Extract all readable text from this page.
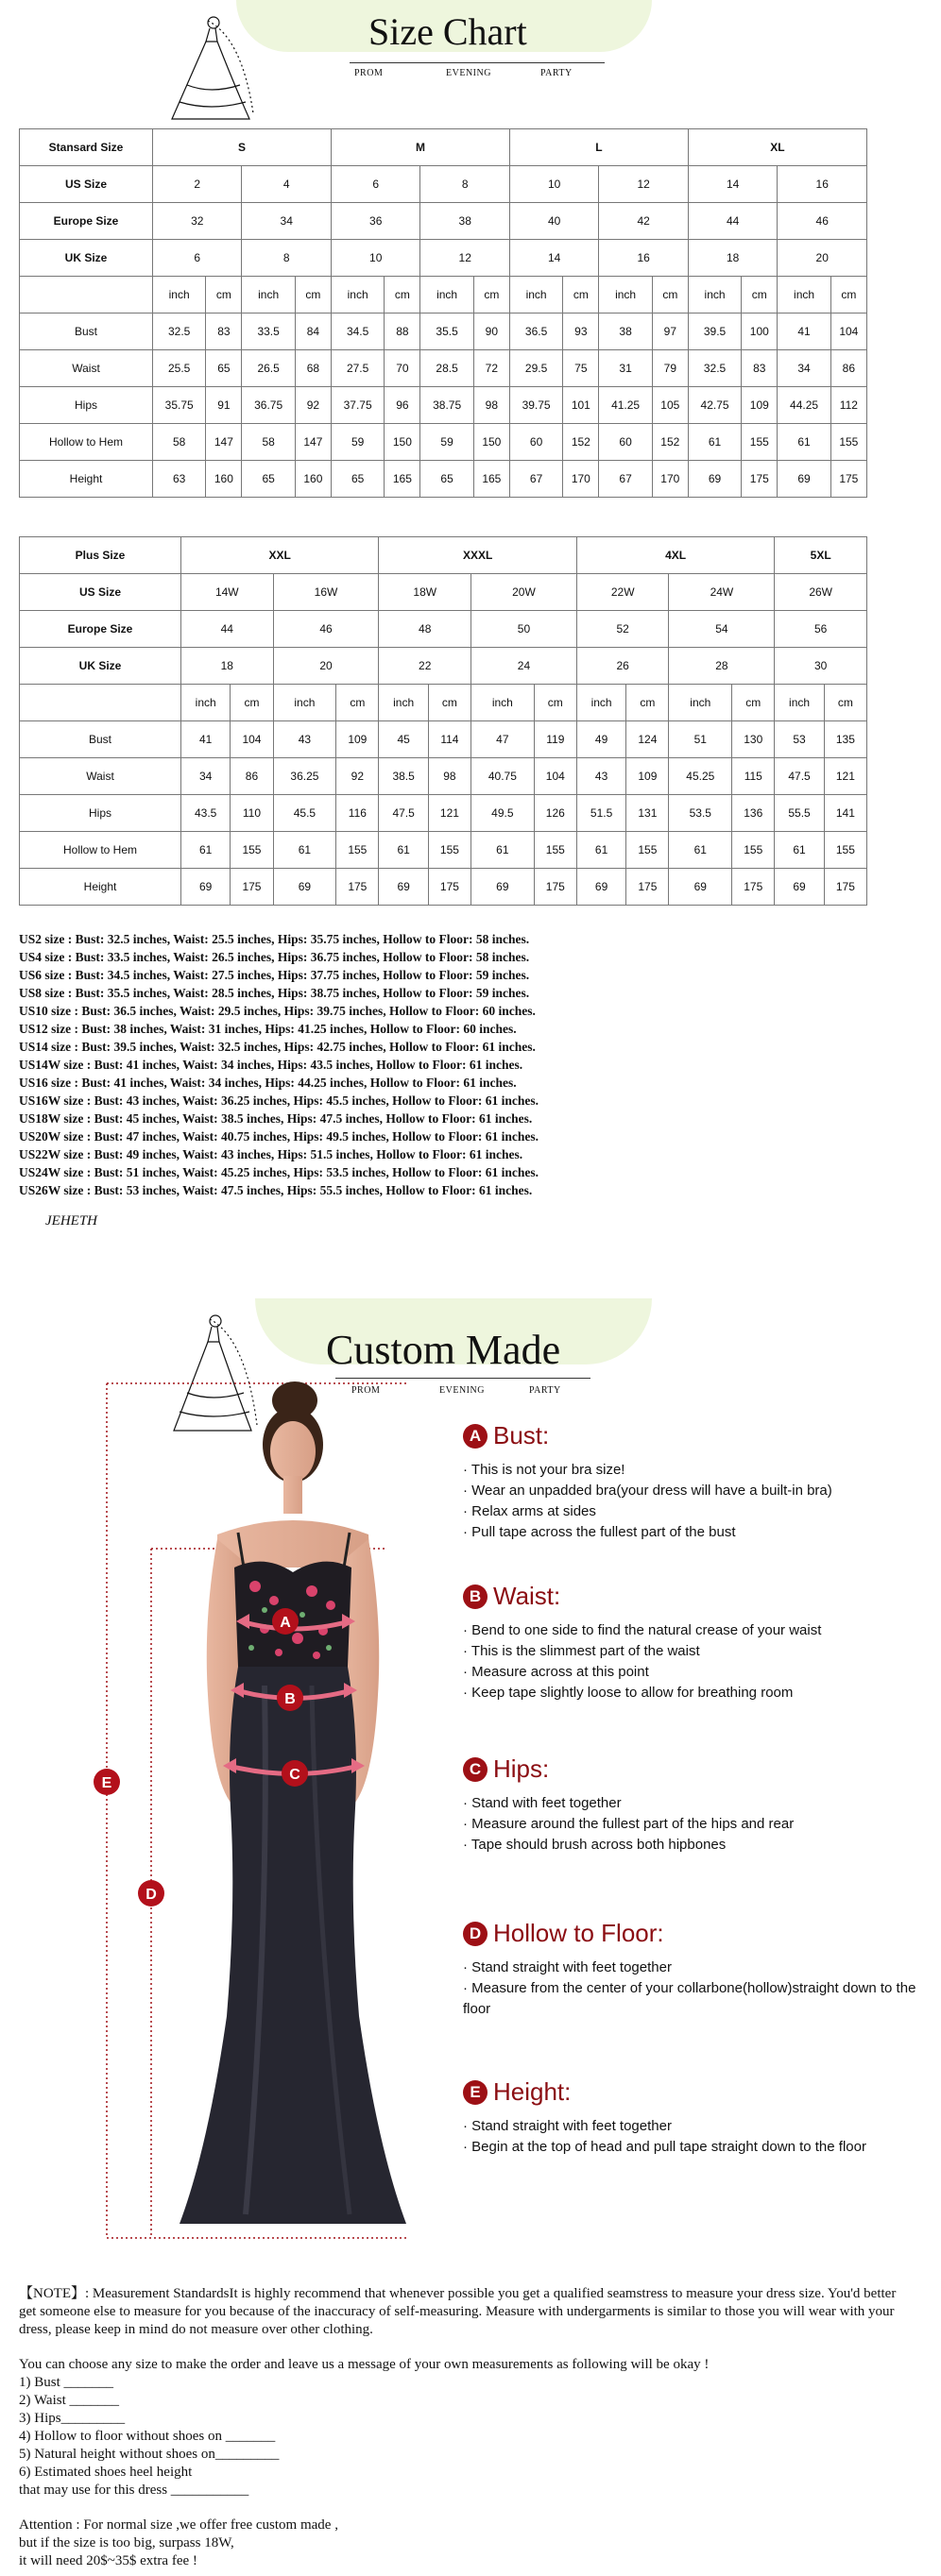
Size Chart
PROM	EVENING	PARTY
Stansard Size	S				M				L				XL			
US Size	2		4		6		8		10		12		14		16	
Europe Size	32		34		36		38		40		42		44		46	
UK Size	6		8		10		12		14		16		18		20	
	inch	cm	inch	cm	inch	cm	inch	cm	inch	cm	inch	cm	inch	cm	inch	cm
Bust	32.5	83	33.5	84	34.5	88	35.5	90	36.5	93	38	97	39.5	100	41	104
Waist	25.5	65	26.5	68	27.5	70	28.5	72	29.5	75	31	79	32.5	83	34	86
Hips	35.75	91	36.75	92	37.75	96	38.75	98	39.75	101	41.25	105	42.75	109	44.25	112
Hollow to Hem	58	147	58	147	59	150	59	150	60	152	60	152	61	155	61	155
Height	63	160	65	160	65	165	65	165	67	170	67	170	69	175	69	175
Plus Size	XXL				XXXL				4XL				5XL	
US Size	14W		16W		18W		20W		22W		24W		26W	
Europe Size	44		46		48		50		52		54		56	
UK Size	18		20		22		24		26		28		30	
	inch	cm	inch	cm	inch	cm	inch	cm	inch	cm	inch	cm	inch	cm
Bust	41	104	43	109	45	114	47	119	49	124	51	130	53	135
Waist	34	86	36.25	92	38.5	98	40.75	104	43	109	45.25	115	47.5	121
Hips	43.5	110	45.5	116	47.5	121	49.5	126	51.5	131	53.5	136	55.5	141
Hollow to Hem	61	155	61	155	61	155	61	155	61	155	61	155	61	155
Height	69	175	69	175	69	175	69	175	69	175	69	175	69	175
US2 size : Bust: 32.5 inches, Waist: 25.5 inches, Hips: 35.75 inches, Hollow to Floor: 58 inches.
US4 size : Bust: 33.5 inches, Waist: 26.5 inches, Hips: 36.75 inches, Hollow to Floor: 58 inches.
US6 size : Bust: 34.5 inches, Waist: 27.5 inches, Hips: 37.75 inches, Hollow to Floor: 59 inches.
US8 size : Bust: 35.5 inches, Waist: 28.5 inches, Hips: 38.75 inches, Hollow to Floor: 59 inches.
US10 size : Bust: 36.5 inches, Waist: 29.5 inches, Hips: 39.75 inches, Hollow to Floor: 60 inches.
US12 size : Bust: 38 inches, Waist: 31 inches, Hips: 41.25 inches, Hollow to Floor: 60 inches.
US14 size : Bust: 39.5 inches, Waist: 32.5 inches, Hips: 42.75 inches, Hollow to Floor: 61 inches.
US14W size : Bust: 41 inches, Waist: 34 inches, Hips: 43.5 inches, Hollow to Floor: 61 inches.
US16 size : Bust: 41 inches, Waist: 34 inches, Hips: 44.25 inches, Hollow to Floor: 61 inches.
US16W size : Bust: 43 inches, Waist: 36.25 inches, Hips: 45.5 inches, Hollow to Floor: 61 inches.
US18W size : Bust: 45 inches, Waist: 38.5 inches, Hips: 47.5 inches, Hollow to Floor: 61 inches.
US20W size : Bust: 47 inches, Waist: 40.75 inches, Hips: 49.5 inches, Hollow to Floor: 61 inches.
US22W size : Bust: 49 inches, Waist: 43 inches, Hips: 51.5 inches, Hollow to Floor: 61 inches.
US24W size : Bust: 51 inches, Waist: 45.25 inches, Hips: 53.5 inches, Hollow to Floor: 61 inches.
US26W size : Bust: 53 inches, Waist: 47.5 inches, Hips: 55.5 inches, Hollow to Floor: 61 inches.
Custom Made
PROM	EVENING	PARTY
JEHETH
A
B
C
D
E
A Bust:
· This is not your bra size!
· Wear an unpadded bra(your dress will have a built-in bra)
· Relax arms at sides
· Pull tape across the fullest part of the bust
B Waist:
· Bend to one side to find the natural crease of your waist
· This is the slimmest part of the waist
· Measure across at this point
· Keep tape slightly loose to allow for breathing room
C Hips:
· Stand with feet together
· Measure around the fullest part of the hips and rear
· Tape should brush across both hipbones
D Hollow to Floor:
· Stand straight with feet together
· Measure from the center of your collarbone(hollow)straight down to the floor
E Height:
· Stand straight with feet together
· Begin at the top of head and pull tape straight down to the floor

【NOTE】: Measurement StandardsIt is highly recommend that whenever possible you get a qualified seamstress to measure your dress size. You'd better get someone else to measure for you because of the inaccuracy of self-measuring. Measure with undergarments is similar to those you will wear with your dress, please keep in mind do not measure over other clothing.

You can choose any size to make the order and leave us a message of your own measurements as following will be okay !

1) Bust _______
2) Waist _______
3) Hips_________
4) Hollow to floor without shoes on _______
5) Natural height without shoes on_________
6) Estimated shoes heel height
that may use for this dress ___________
Attention : For normal size ,we offer free custom made ,
but if the size is too big, surpass 18W,
it will need 20$~35$ extra fee !
